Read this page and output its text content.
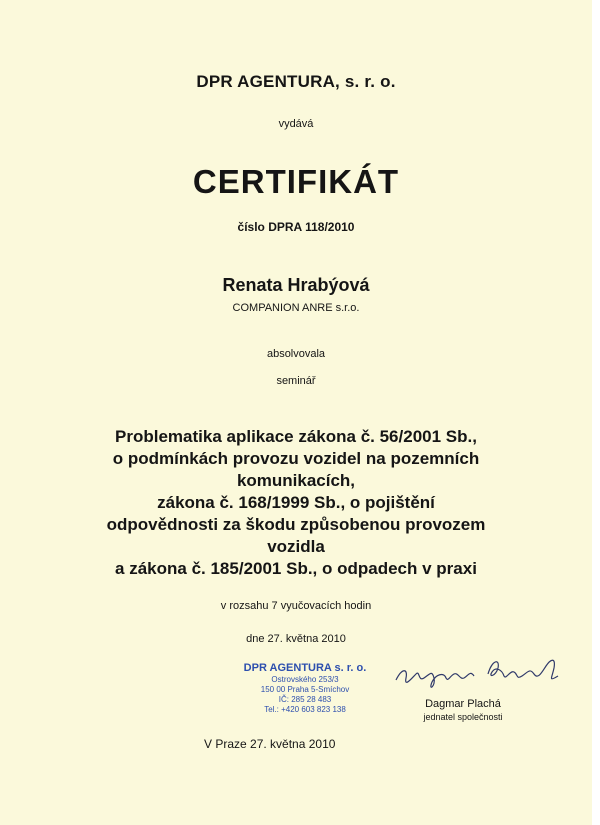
DPR AGENTURA, s. r. o.
vydává
CERTIFIKÁT
číslo DPRA 118/2010
Renata Hrabýová
COMPANION ANRE s.r.o.
absolvovala
seminář
Problematika aplikace zákona č. 56/2001 Sb.,
o podmínkách provozu vozidel na pozemních
komunikacích,
zákona č. 168/1999 Sb., o pojištění
odpovědnosti za škodu způsobenou provozem
vozidla
a zákona č. 185/2001 Sb., o odpadech v praxi
v rozsahu 7 vyučovacích hodin
dne 27. května 2010
DPR AGENTURA s. r. o.
Ostrovského 253/3
150 00 Praha 5-Smíchov
IČ: 285 28 483
Tel.: +420 603 823 138	Dagmar Plachá
jednatel společnosti
V Praze 27. května 2010
